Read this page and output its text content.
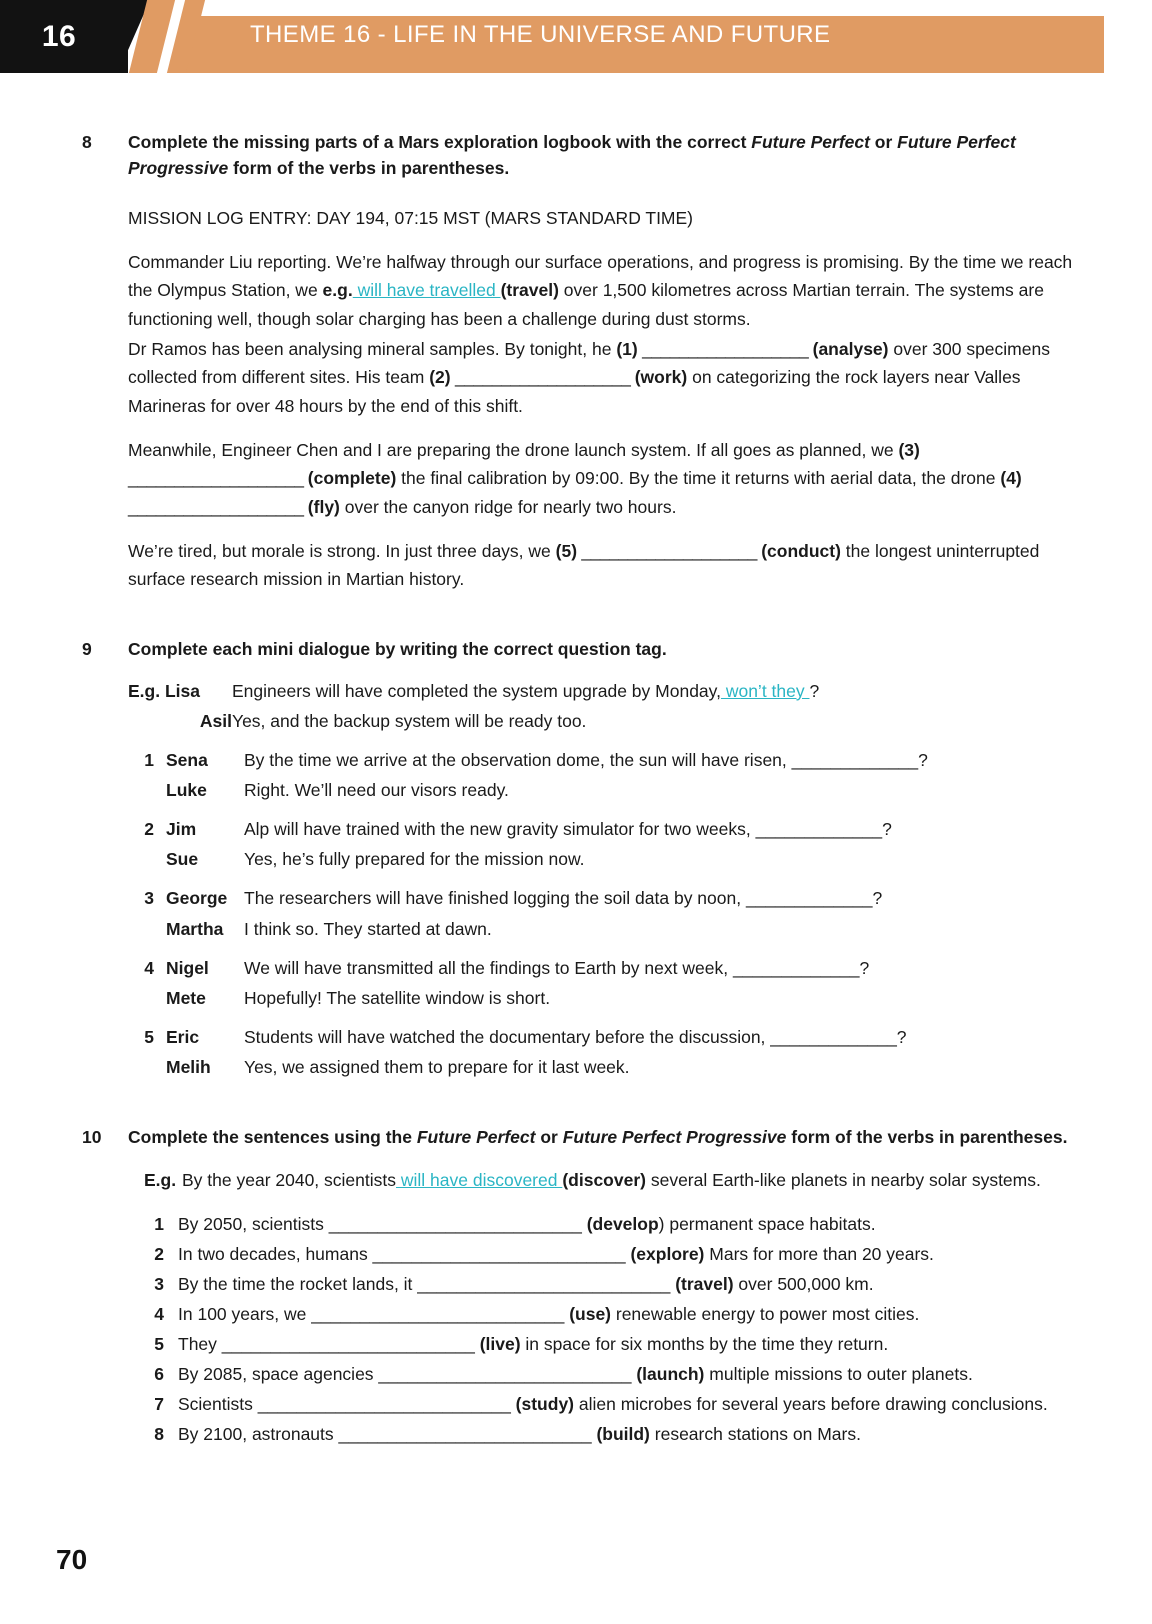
16	THEME 16 - LIFE IN THE UNIVERSE AND FUTURE
8	Complete the missing parts of a Mars exploration logbook with the correct Future Perfect or Future Perfect Progressive form of the verbs in parentheses.
MISSION LOG ENTRY: DAY 194, 07:15 MST (MARS STANDARD TIME)
Commander Liu reporting. We’re halfway through our surface operations, and progress is promising. By the time we reach the Olympus Station, we e.g. will have travelled (travel) over 1,500 kilometres across Martian terrain. The systems are functioning well, though solar charging has been a challenge during dust storms.
Dr Ramos has been analysing mineral samples. By tonight, he (1) __________________ (analyse) over 300 specimens collected from different sites. His team (2) ___________________ (work) on categorizing the rock layers near Valles Marineras for over 48 hours by the end of this shift.
Meanwhile, Engineer Chen and I are preparing the drone launch system. If all goes as planned, we (3) ___________________ (complete) the final calibration by 09:00. By the time it returns with aerial data, the drone (4) ___________________ (fly) over the canyon ridge for nearly two hours.
We’re tired, but morale is strong. In just three days, we (5) ___________________ (conduct) the longest uninterrupted surface research mission in Martian history.
9	Complete each mini dialogue by writing the correct question tag.
E.g. Lisa	Engineers will have completed the system upgrade by Monday, won’t they ?
Asil Yes, and the backup system will be ready too.
1 Sena	By the time we arrive at the observation dome, the sun will have risen, _____________?
Luke	Right. We’ll need our visors ready.
2 Jim	Alp will have trained with the new gravity simulator for two weeks, _____________?
Sue	Yes, he’s fully prepared for the mission now.
3 George The researchers will have finished logging the soil data by noon, _____________?
Martha	I think so. They started at dawn.
4 Nigel	We will have transmitted all the findings to Earth by next week, _____________?
Mete	Hopefully! The satellite window is short.
5 Eric	Students will have watched the documentary before the discussion, _____________?
Melih	Yes, we assigned them to prepare for it last week.
10	Complete the sentences using the Future Perfect or Future Perfect Progressive form of the verbs in parentheses.
E.g. By the year 2040, scientists will have discovered (discover) several Earth-like planets in nearby solar systems.
1 By 2050, scientists __________________________ (develop) permanent space habitats.
2 In two decades, humans __________________________ (explore) Mars for more than 20 years.
3 By the time the rocket lands, it __________________________ (travel) over 500,000 km.
4 In 100 years, we __________________________ (use) renewable energy to power most cities.
5 They __________________________ (live) in space for six months by the time they return.
6 By 2085, space agencies __________________________ (launch) multiple missions to outer planets.
7 Scientists __________________________ (study) alien microbes for several years before drawing conclusions.
8 By 2100, astronauts __________________________ (build) research stations on Mars.
70
